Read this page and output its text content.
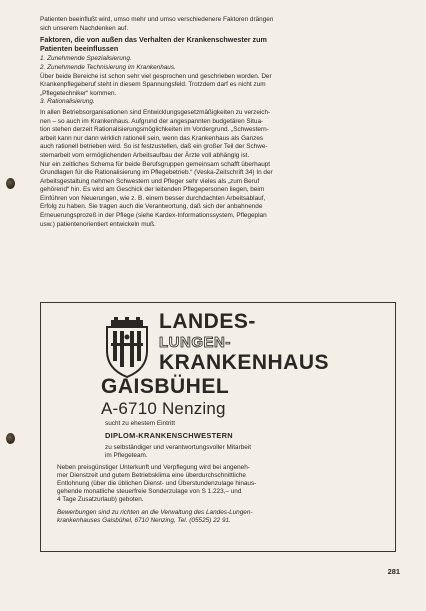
Patienten beeinflußt wird, umso mehr und umso verschiedenere Faktoren drängen

sich unserem Nachdenken auf.

Faktoren, die von außen das Verhalten der Krankenschwester zum

Patienten beeinflussen

1. Zunehmende Spezialisierung.

2. Zunehmende Technisierung im Krankenhaus.

Über beide Bereiche ist schon sehr viel gesprochen und geschrieben worden. Der

Krankenpflegeberuf steht in diesem Spannungsfeld. Trotzdem darf es nicht zum

„Pflegetechniker“ kommen.

3. Rationalisierung.

In allen Betriebsorganisationen sind Entwicklungsgesetzmäßigkeiten zu verzeich-

nen – so auch im Krankenhaus. Aufgrund der angespannten budgetären Situa-

tion stehen derzeit Rationalisierungsmöglichkeiten im Vordergrund. „Schwestern-

arbeit kann nur dann wirklich rationell sein, wenn das Krankenhaus als Ganzes

auch rationell betrieben wird. So ist festzustellen, daß ein großer Teil der Schwe-

sternarbeit vom ermöglichenden Arbeitsaufbau der Ärzte voll abhängig ist.

Nur ein zeitliches Schema für beide Berufsgruppen gemeinsam schafft überhaupt

Grundlagen für die Rationalisierung im Pflegebetrieb.“ (Veska-Zeitschrift 34) In der

Arbeitsgestaltung nehmen Schwestern und Pfleger sehr vieles als „zum Beruf

gehörend“ hin. Es wird am Geschick der leitenden Pflegepersonen liegen, beim

Einführen von Neuerungen, wie z. B. einem besser durchdachten Arbeitsablauf,

Erfolg zu haben. Sie tragen auch die Verantwortung, daß sich der anbahnende

Erneuerungsprozeß in der Pflege (siehe Kardex-Informationssystem, Pflegeplan

usw.) patientenorientiert entwickeln muß.

LANDES-

LUNGEN-

KRANKENHAUS

GAISBÜHEL

A-6710 Nenzing

sucht zu ehestem Eintritt

DIPLOM-KRANKENSCHWESTERN

zu selbständiger und verantwortungsvoller Mitarbeit

im Pflegeteam.

Neben preisgünstiger Unterkunft und Verpflegung wird bei angeneh-

mer Dienstzeit und gutem Betriebsklima eine überdurchschnittliche

Entlohnung (über die üblichen Dienst- und Überstundenzulage hinaus-

gehende monatliche steuerfreie Sonderzulage von S 1.223,– und

4 Tage Zusatzurlaub) geboten.

Bewerbungen sind zu richten an die Verwaltung des Landes-Lungen-

krankenhauses Gaisbühel, 6710 Nenzing, Tel. (05525) 22 91.

281
